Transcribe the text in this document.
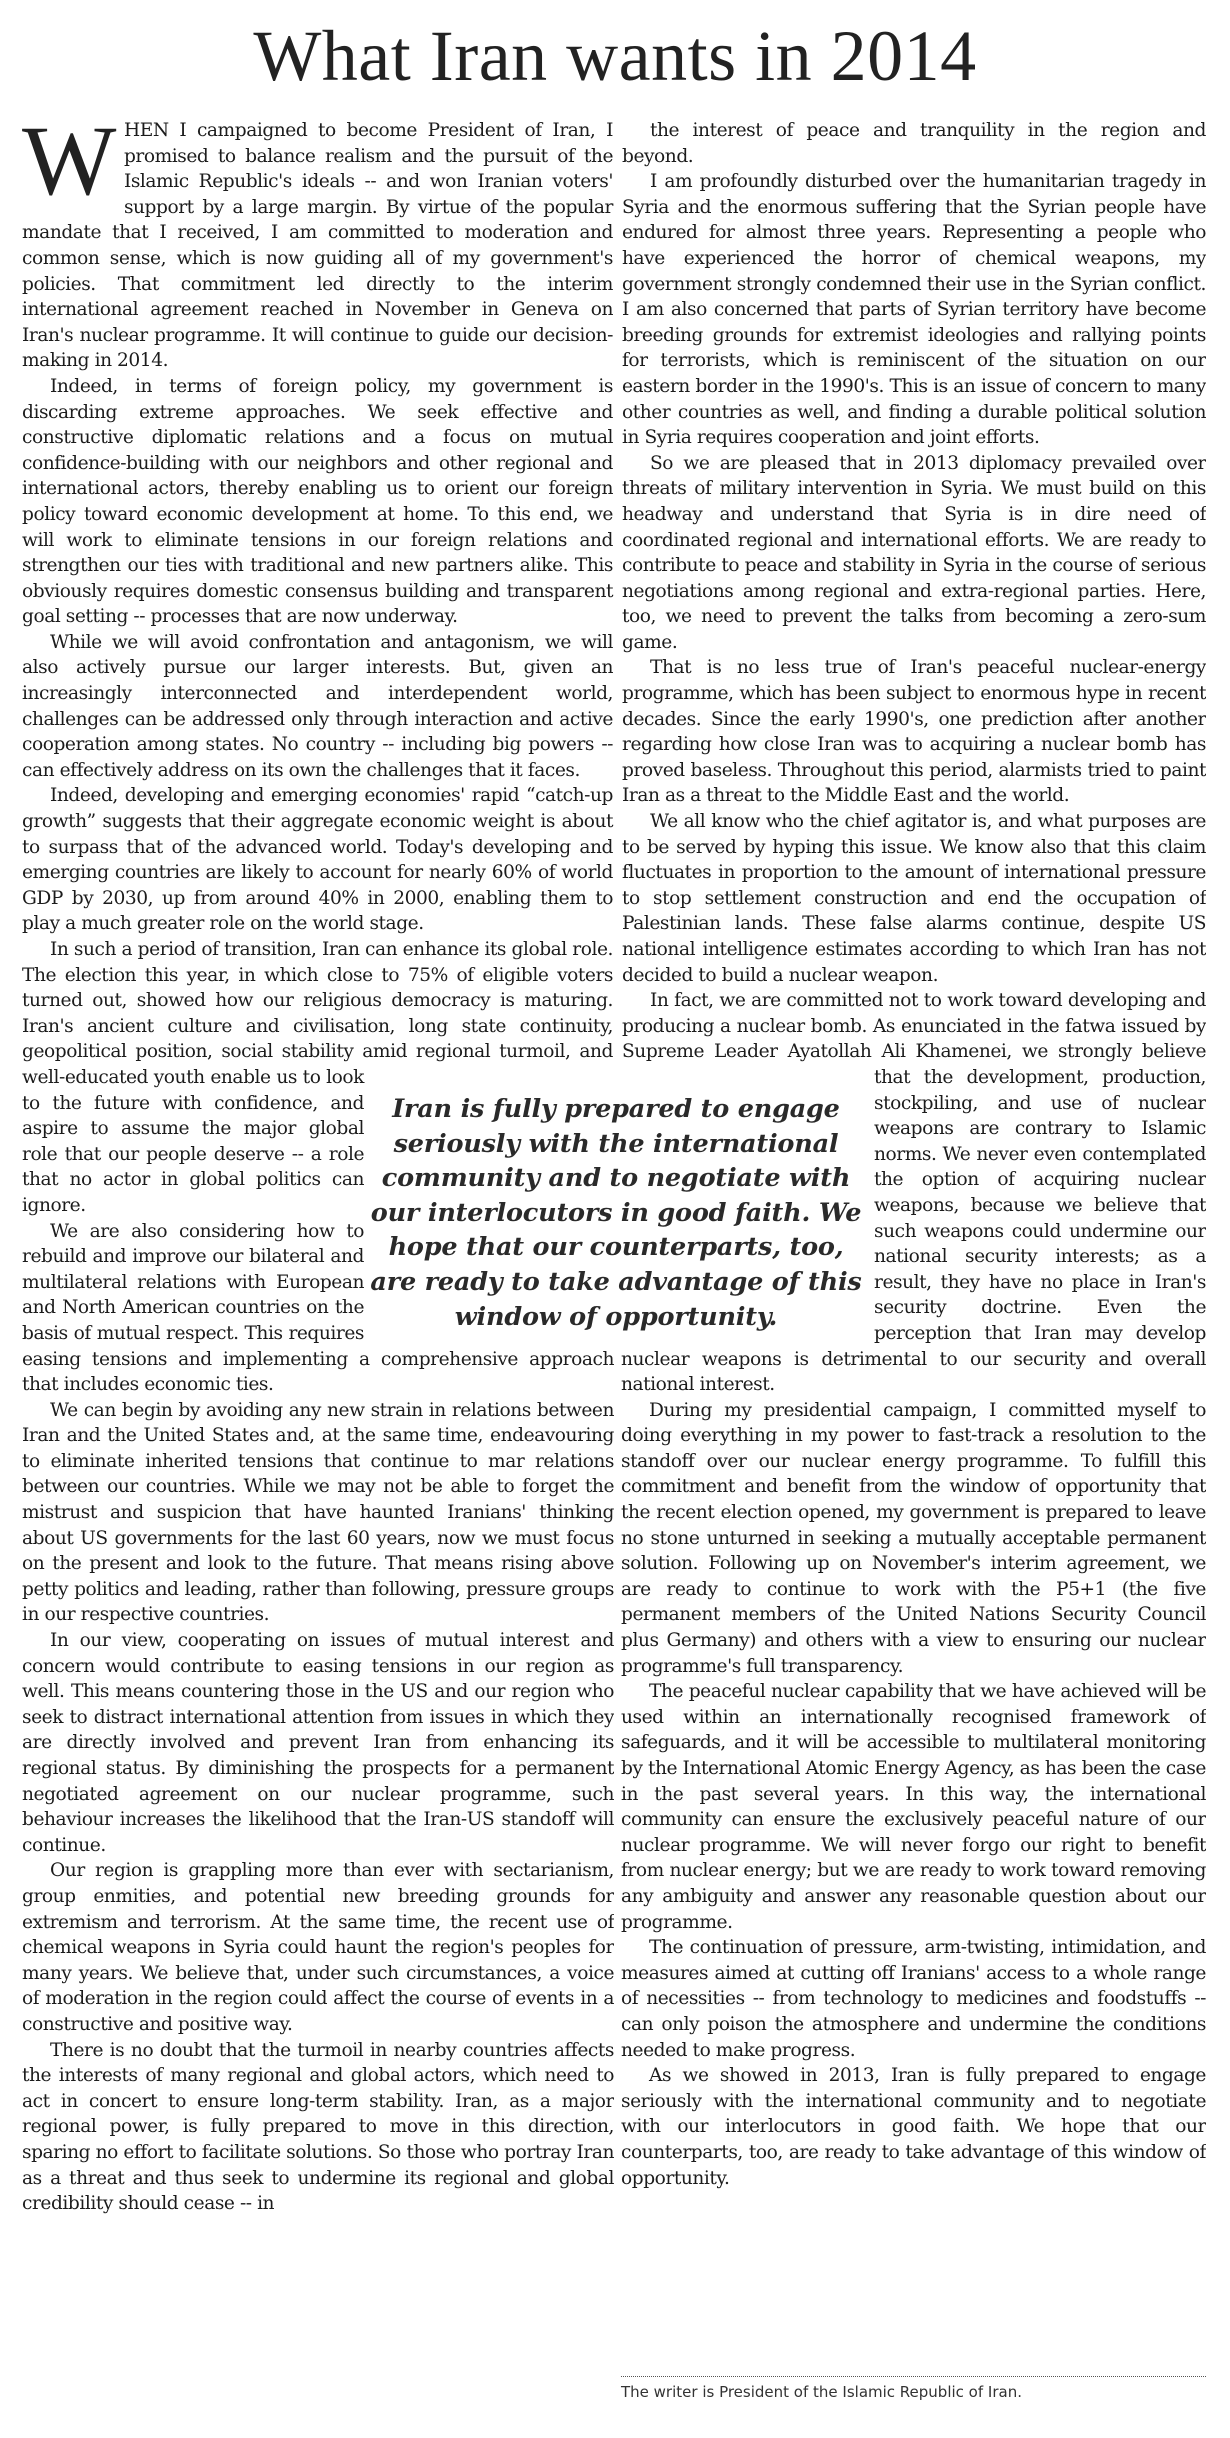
What Iran wants in 2014
W HEN I campaigned to become President of Iran, I promised to balance realism and the pursuit of the Islamic Republic's ideals -- and won Iranian voters' support by a large margin. By virtue of the popular mandate that I received, I am committed to moderation and common sense, which is now guiding all of my government's policies. That commitment led directly to the interim international agreement reached in November in Geneva on Iran's nuclear programme. It will continue to guide our decision-making in 2014.

Indeed, in terms of foreign policy, my government is discarding extreme approaches. We seek effective and constructive diplomatic relations and a focus on mutual confidence-building with our neighbors and other regional and international actors, thereby enabling us to orient our foreign policy toward economic development at home. To this end, we will work to eliminate tensions in our foreign relations and strengthen our ties with traditional and new partners alike. This obviously requires domestic consensus building and transparent goal setting -- processes that are now underway.

While we will avoid confrontation and antagonism, we will also actively pursue our larger interests. But, given an increasingly interconnected and interdependent world, challenges can be addressed only through interaction and active cooperation among states. No country -- including big powers -- can effectively address on its own the challenges that it faces.

Indeed, developing and emerging economies' rapid “catch-up growth” suggests that their aggregate economic weight is about to surpass that of the advanced world. Today's developing and emerging countries are likely to account for nearly 60% of world GDP by 2030, up from around 40% in 2000, enabling them to play a much greater role on the world stage.

In such a period of transition, Iran can enhance its global role. The election this year, in which close to 75% of eligible voters turned out, showed how our religious democracy is maturing. Iran's ancient culture and civilisation, long state continuity, geopolitical position, social stability amid regional turmoil, and well-educated youth enable us to look to the future with confidence, and aspire to assume the major global role that our people deserve -- a role that no actor in global politics can ignore.

We are also considering how to rebuild and improve our bilateral and multilateral relations with European and North American countries on the basis of mutual respect. This requires easing tensions and implementing a comprehensive approach that includes economic ties.

We can begin by avoiding any new strain in relations between Iran and the United States and, at the same time, endeavouring to eliminate inherited tensions that continue to mar relations between our countries. While we may not be able to forget the mistrust and suspicion that have haunted Iranians' thinking about US governments for the last 60 years, now we must focus on the present and look to the future. That means rising above petty politics and leading, rather than following, pressure groups in our respective countries.

In our view, cooperating on issues of mutual interest and concern would contribute to easing tensions in our region as well. This means countering those in the US and our region who seek to distract international attention from issues in which they are directly involved and prevent Iran from enhancing its regional status. By diminishing the prospects for a permanent negotiated agreement on our nuclear programme, such behaviour increases the likelihood that the Iran-US standoff will continue.

Our region is grappling more than ever with sectarianism, group enmities, and potential new breeding grounds for extremism and terrorism. At the same time, the recent use of chemical weapons in Syria could haunt the region's peoples for many years. We believe that, under such circumstances, a voice of moderation in the region could affect the course of events in a constructive and positive way.

There is no doubt that the turmoil in nearby countries affects the interests of many regional and global actors, which need to act in concert to ensure long-term stability. Iran, as a major regional power, is fully prepared to move in this direction, sparing no effort to facilitate solutions. So those who portray Iran as a threat and thus seek to undermine its regional and global credibility should cease -- in

the interest of peace and tranquility in the region and beyond.

I am profoundly disturbed over the humanitarian tragedy in Syria and the enormous suffering that the Syrian people have endured for almost three years. Representing a people who have experienced the horror of chemical weapons, my government strongly condemned their use in the Syrian conflict. I am also concerned that parts of Syrian territory have become breeding grounds for extremist ideologies and rallying points for terrorists, which is reminiscent of the situation on our eastern border in the 1990's. This is an issue of concern to many other countries as well, and finding a durable political solution in Syria requires cooperation and joint efforts.

So we are pleased that in 2013 diplomacy prevailed over threats of military intervention in Syria. We must build on this headway and understand that Syria is in dire need of coordinated regional and international efforts. We are ready to contribute to peace and stability in Syria in the course of serious negotiations among regional and extra-regional parties. Here, too, we need to prevent the talks from becoming a zero-sum game.

That is no less true of Iran's peaceful nuclear-energy programme, which has been subject to enormous hype in recent decades. Since the early 1990's, one prediction after another regarding how close Iran was to acquiring a nuclear bomb has proved baseless. Throughout this period, alarmists tried to paint Iran as a threat to the Middle East and the world.

We all know who the chief agitator is, and what purposes are to be served by hyping this issue. We know also that this claim fluctuates in proportion to the amount of international pressure to stop settlement construction and end the occupation of Palestinian lands. These false alarms continue, despite US national intelligence estimates according to which Iran has not decided to build a nuclear weapon.

In fact, we are committed not to work toward developing and producing a nuclear bomb. As enunciated in the fatwa issued by Supreme Leader Ayatollah Ali Khamenei, we strongly believe that the development, production, stockpiling, and use of nuclear weapons are contrary to Islamic norms. We never even contemplated the option of acquiring nuclear weapons, because we believe that such weapons could undermine our national security interests; as a result, they have no place in Iran's security doctrine. Even the perception that Iran may develop nuclear weapons is detrimental to our security and overall national interest.

During my presidential campaign, I committed myself to doing everything in my power to fast-track a resolution to the standoff over our nuclear energy programme. To fulfill this commitment and benefit from the window of opportunity that the recent election opened, my government is prepared to leave no stone unturned in seeking a mutually acceptable permanent solution. Following up on November's interim agreement, we are ready to continue to work with the P5+1 (the five permanent members of the United Nations Security Council plus Germany) and others with a view to ensuring our nuclear programme's full transparency.

The peaceful nuclear capability that we have achieved will be used within an internationally recognised framework of safeguards, and it will be accessible to multilateral monitoring by the International Atomic Energy Agency, as has been the case in the past several years. In this way, the international community can ensure the exclusively peaceful nature of our nuclear programme. We will never forgo our right to benefit from nuclear energy; but we are ready to work toward removing any ambiguity and answer any reasonable question about our programme.

The continuation of pressure, arm-twisting, intimidation, and measures aimed at cutting off Iranians' access to a whole range of necessities -- from technology to medicines and foodstuffs -- can only poison the atmosphere and undermine the conditions needed to make progress.

As we showed in 2013, Iran is fully prepared to engage seriously with the international community and to negotiate with our interlocutors in good faith. We hope that our counterparts, too, are ready to take advantage of this window of opportunity.

Iran is fully prepared to engage seriously with the international community and to negotiate with our interlocutors in good faith. We hope that our counterparts, too, are ready to take advantage of this window of opportunity.
The writer is President of the Islamic Republic of Iran.
